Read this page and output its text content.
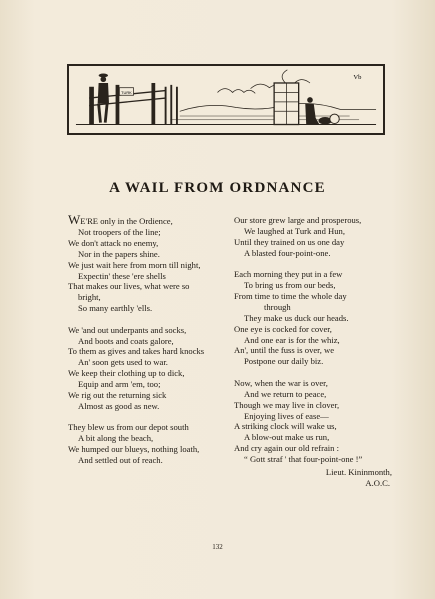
TURK
Vb
A WAIL FROM ORDNANCE
WE'RE only in the Ordience,
Not troopers of the line;
We don't attack no enemy,
Nor in the papers shine.
We just wait here from morn till night,
Expectin' these 'ere shells
That makes our lives, what were so
bright,
So many earthly 'ells.
We 'and out underpants and socks,
And boots and coats galore,
To them as gives and takes hard knocks
An' soon gets used to war.
We keep their clothing up to dick,
Equip and arm 'em, too;
We rig out the returning sick
Almost as good as new.
They blew us from our depot south
A bit along the beach,
We humped our blueys, nothing loath,
And settled out of reach.
Our store grew large and prosperous,
We laughed at Turk and Hun,
Until they trained on us one day
A blasted four-point-one.
Each morning they put in a few
To bring us from our beds,
From time to time the whole day
through
They make us duck our heads.
One eye is cocked for cover,
And one ear is for the whiz,
An', until the fuss is over, we
Postpone our daily biz.
Now, when the war is over,
And we return to peace,
Though we may live in clover,
Enjoying lives of ease—
A striking clock will wake us,
A blow-out make us run,
And cry again our old refrain :
“ Gott straf ' that four-point-one !”
Lieut. Kininmonth,
A.O.C.
132
